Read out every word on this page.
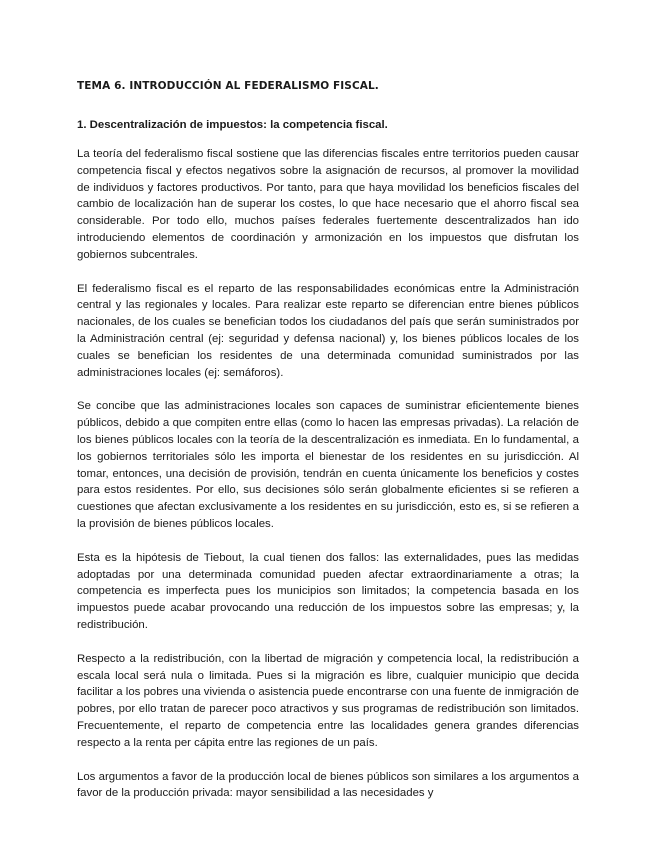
TEMA 6. INTRODUCCIÓN AL FEDERALISMO FISCAL.
1. Descentralización de impuestos: la competencia fiscal.

La teoría del federalismo fiscal sostiene que las diferencias fiscales entre territorios pueden causar competencia fiscal y efectos negativos sobre la asignación de recursos, al promover la movilidad de individuos y factores productivos. Por tanto, para que haya movilidad los beneficios fiscales del cambio de localización han de superar los costes, lo que hace necesario que el ahorro fiscal sea considerable. Por todo ello, muchos países federales fuertemente descentralizados han ido introduciendo elementos de coordinación y armonización en los impuestos que disfrutan los gobiernos subcentrales.

El federalismo fiscal es el reparto de las responsabilidades económicas entre la Administración central y las regionales y locales. Para realizar este reparto se diferencian entre bienes públicos nacionales, de los cuales se benefician todos los ciudadanos del país que serán suministrados por la Administración central (ej: seguridad y defensa nacional) y, los bienes públicos locales de los cuales se benefician los residentes de una determinada comunidad suministrados por las administraciones locales (ej: semáforos).

Se concibe que las administraciones locales son capaces de suministrar eficientemente bienes públicos, debido a que compiten entre ellas (como lo hacen las empresas privadas). La relación de los bienes públicos locales con la teoría de la descentralización es inmediata. En lo fundamental, a los gobiernos territoriales sólo les importa el bienestar de los residentes en su jurisdicción. Al tomar, entonces, una decisión de provisión, tendrán en cuenta únicamente los beneficios y costes para estos residentes. Por ello, sus decisiones sólo serán globalmente eficientes si se refieren a cuestiones que afectan exclusivamente a los residentes en su jurisdicción, esto es, si se refieren a la provisión de bienes públicos locales.

Esta es la hipótesis de Tiebout, la cual tienen dos fallos: las externalidades, pues las medidas adoptadas por una determinada comunidad pueden afectar extraordinariamente a otras; la competencia es imperfecta pues los municipios son limitados; la competencia basada en los impuestos puede acabar provocando una reducción de los impuestos sobre las empresas; y, la redistribución.

Respecto a la redistribución, con la libertad de migración y competencia local, la redistribución a escala local será nula o limitada. Pues si la migración es libre, cualquier municipio que decida facilitar a los pobres una vivienda o asistencia puede encontrarse con una fuente de inmigración de pobres, por ello tratan de parecer poco atractivos y sus programas de redistribución son limitados. Frecuentemente, el reparto de competencia entre las localidades genera grandes diferencias respecto a la renta per cápita entre las regiones de un país.

Los argumentos a favor de la producción local de bienes públicos son similares a los argumentos a favor de la producción privada: mayor sensibilidad a las necesidades y
